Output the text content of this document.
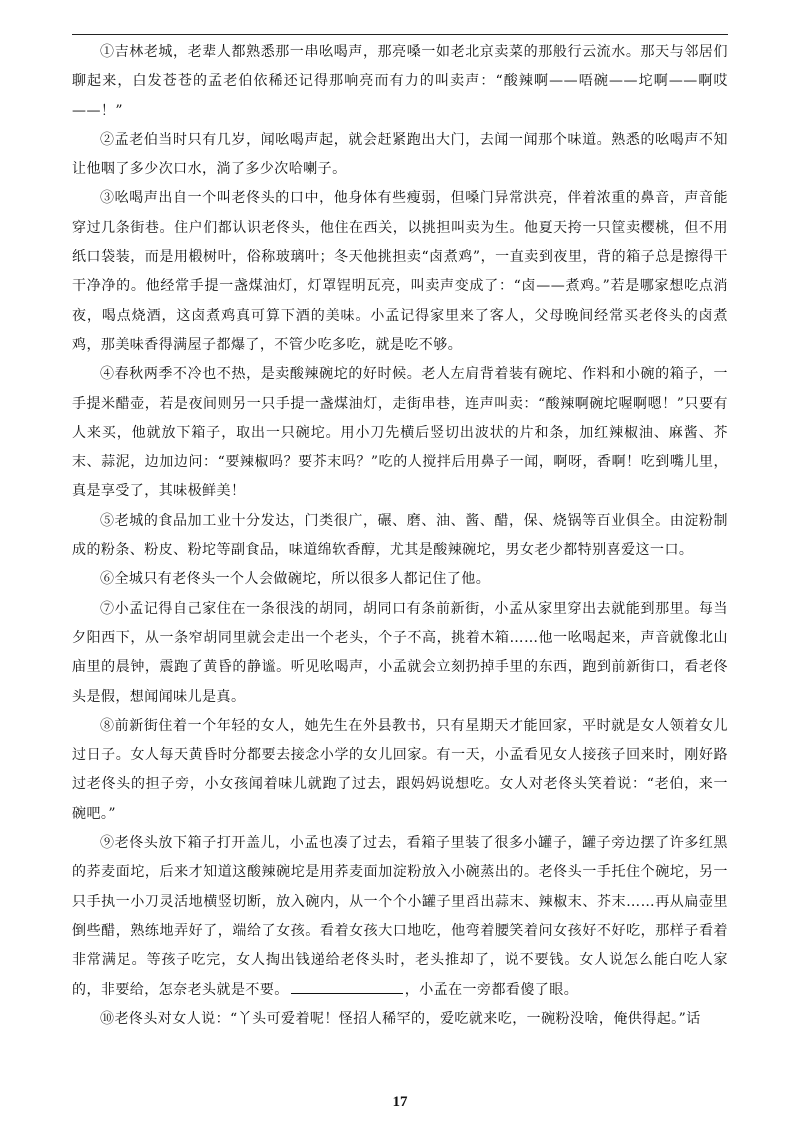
①吉林老城，老辈人都熟悉那一串吆喝声，那亮嗓一如老北京卖菜的那般行云流水。那天与邻居们聊起来，白发苍苍的孟老伯依稀还记得那响亮而有力的叫卖声：“酸辣啊——唔碗——坨啊——啊哎——！”

②孟老伯当时只有几岁，闻吆喝声起，就会赶紧跑出大门，去闻一闻那个味道。熟悉的吆喝声不知让他咽了多少次口水，淌了多少次哈喇子。

③吆喝声出自一个叫老佟头的口中，他身体有些瘦弱，但嗓门异常洪亮，伴着浓重的鼻音，声音能穿过几条街巷。住户们都认识老佟头，他住在西关，以挑担叫卖为生。他夏天挎一只筐卖樱桃，但不用纸口袋装，而是用椴树叶，俗称玻璃叶；冬天他挑担卖“卤煮鸡”，一直卖到夜里，背的箱子总是擦得干干净净的。他经常手提一盏煤油灯，灯罩锃明瓦亮，叫卖声变成了：“卤——煮鸡。”若是哪家想吃点消夜，喝点烧酒，这卤煮鸡真可算下酒的美味。小孟记得家里来了客人，父母晚间经常买老佟头的卤煮鸡，那美味香得满屋子都爆了，不管少吃多吃，就是吃不够。

④春秋两季不冷也不热，是卖酸辣碗坨的好时候。老人左肩背着装有碗坨、作料和小碗的箱子，一手提米醋壶，若是夜间则另一只手提一盏煤油灯，走街串巷，连声叫卖：“酸辣啊碗坨喔啊嗯！”只要有人来买，他就放下箱子，取出一只碗坨。用小刀先横后竖切出波状的片和条，加红辣椒油、麻酱、芥末、蒜泥，边加边问：“要辣椒吗？要芥末吗？”吃的人搅拌后用鼻子一闻，啊呀，香啊！吃到嘴儿里，真是享受了，其味极鲜美！

⑤老城的食品加工业十分发达，门类很广，碾、磨、油、酱、醋，保、烧锅等百业俱全。由淀粉制成的粉条、粉皮、粉坨等副食品，味道绵软香醇，尤其是酸辣碗坨，男女老少都特别喜爱这一口。

⑥全城只有老佟头一个人会做碗坨，所以很多人都记住了他。

⑦小孟记得自己家住在一条很浅的胡同，胡同口有条前新街，小孟从家里穿出去就能到那里。每当夕阳西下，从一条窄胡同里就会走出一个老头，个子不高，挑着木箱……他一吆喝起来，声音就像北山庙里的晨钟，震跑了黄昏的静谧。听见吆喝声，小孟就会立刻扔掉手里的东西，跑到前新街口，看老佟头是假，想闻闻味儿是真。

⑧前新街住着一个年轻的女人，她先生在外县教书，只有星期天才能回家，平时就是女人领着女儿过日子。女人每天黄昏时分都要去接念小学的女儿回家。有一天，小孟看见女人接孩子回来时，刚好路过老佟头的担子旁，小女孩闻着味儿就跑了过去，跟妈妈说想吃。女人对老佟头笑着说：“老伯，来一碗吧。”

⑨老佟头放下箱子打开盖儿，小孟也凑了过去，看箱子里装了很多小罐子，罐子旁边摆了许多红黑的荞麦面坨，后来才知道这酸辣碗坨是用荞麦面加淀粉放入小碗蒸出的。老佟头一手托住个碗坨，另一只手执一小刀灵活地横竖切断，放入碗内，从一个个小罐子里舀出蒜末、辣椒末、芥末……再从扁壶里倒些醋，熟练地弄好了，端给了女孩。看着女孩大口地吃，他弯着腰笑着问女孩好不好吃，那样子看着非常满足。等孩子吃完，女人掏出钱递给老佟头时，老头推却了，说不要钱。女人说怎么能白吃人家的，非要给，怎奈老头就是不要。	，小孟在一旁都看傻了眼。

⑩老佟头对女人说：“丫头可爱着呢！怪招人稀罕的，爱吃就来吃，一碗粉没啥，俺供得起。”话

17
